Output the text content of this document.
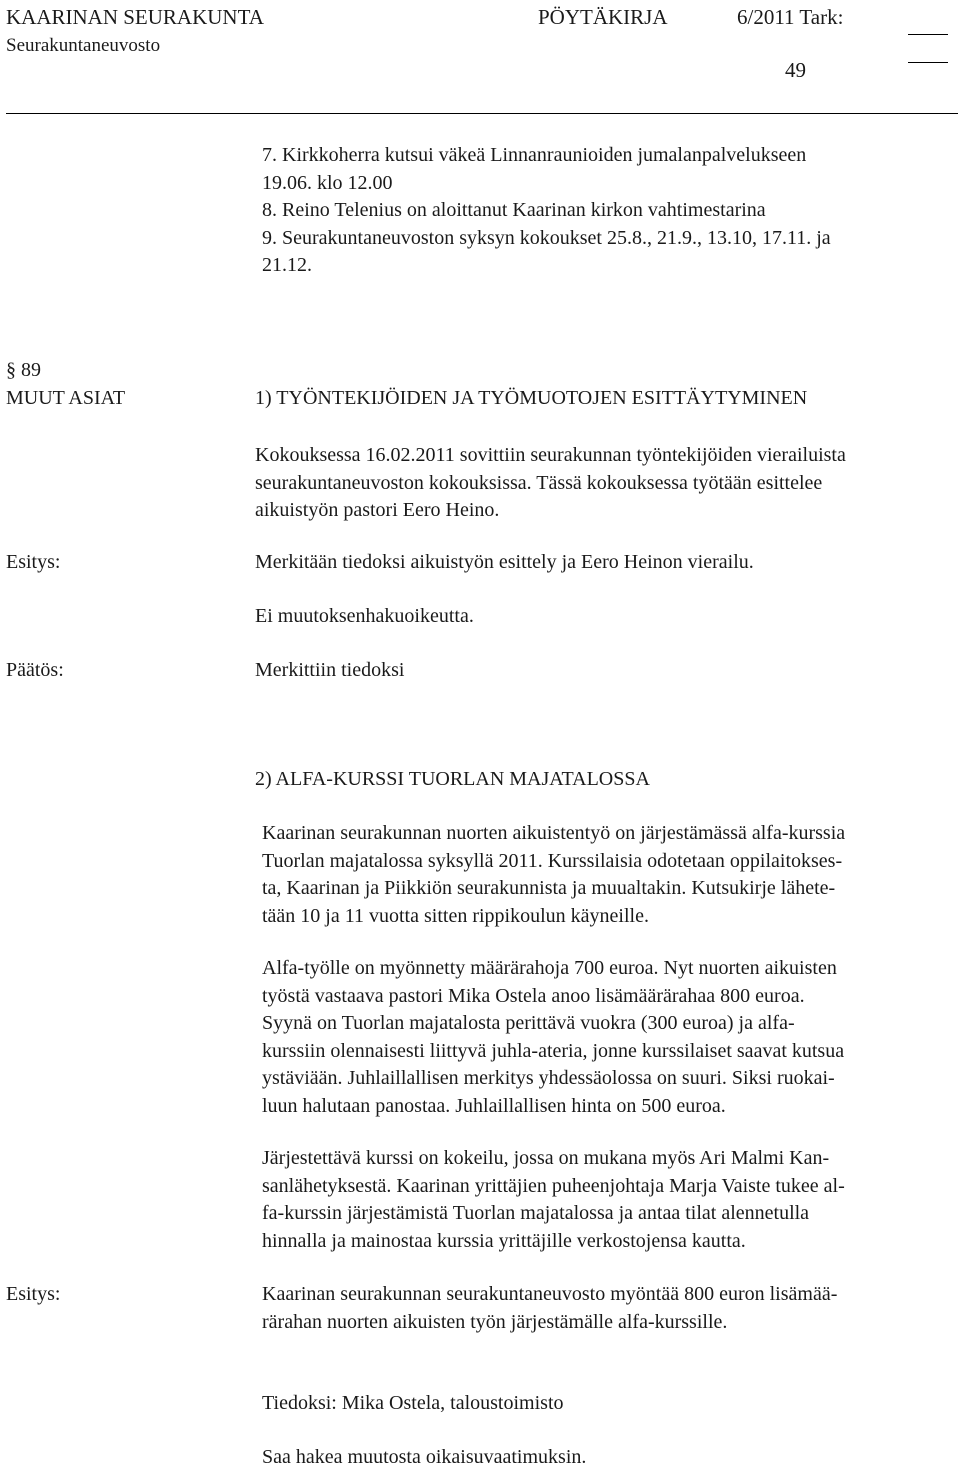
KAARINAN SEURAKUNTA	PÖYTÄKIRJA	6/2011 Tark:
Seurakuntaneuvosto
49
7. Kirkkoherra kutsui väkeä Linnanraunioiden jumalanpalvelukseen
19.06. klo 12.00
8. Reino Telenius on aloittanut Kaarinan kirkon vahtimestarina
9. Seurakuntaneuvoston syksyn kokoukset 25.8., 21.9., 13.10, 17.11. ja
21.12.
§ 89
MUUT ASIAT	1) TYÖNTEKIJÖIDEN JA TYÖMUOTOJEN ESITTÄYTYMINEN
Kokouksessa 16.02.2011 sovittiin seurakunnan työntekijöiden vierailuista
seurakuntaneuvoston kokouksissa. Tässä kokouksessa työtään esittelee
aikuistyön pastori Eero Heino.
Esitys:	Merkitään tiedoksi aikuistyön esittely ja Eero Heinon vierailu.
Ei muutoksenhakuoikeutta.
Päätös:	Merkittiin tiedoksi
2) ALFA-KURSSI TUORLAN MAJATALOSSA
Kaarinan seurakunnan nuorten aikuistentyö on järjestämässä alfa-kurssia
Tuorlan majatalossa syksyllä 2011. Kurssilaisia odotetaan oppilaitokses-
ta, Kaarinan ja Piikkiön seurakunnista ja muualtakin. Kutsukirje lähete-
tään 10 ja 11 vuotta sitten rippikoulun käyneille.
Alfa-työlle on myönnetty määrärahoja 700 euroa. Nyt nuorten aikuisten
työstä vastaava pastori Mika Ostela anoo lisämäärärahaa 800 euroa.
Syynä on Tuorlan majatalosta perittävä vuokra (300 euroa) ja alfa-
kurssiin olennaisesti liittyvä juhla-ateria, jonne kurssilaiset saavat kutsua
ystäviään. Juhlaillallisen merkitys yhdessäolossa on suuri. Siksi ruokai-
luun halutaan panostaa. Juhlaillallisen hinta on 500 euroa.
Järjestettävä kurssi on kokeilu, jossa on mukana myös Ari Malmi Kan-
sanlähetyksestä. Kaarinan yrittäjien puheenjohtaja Marja Vaiste tukee al-
fa-kurssin järjestämistä Tuorlan majatalossa ja antaa tilat alennetulla
hinnalla ja mainostaa kurssia yrittäjille verkostojensa kautta.
Esitys:	Kaarinan seurakunnan seurakuntaneuvosto myöntää 800 euron lisämää-
rärahan nuorten aikuisten työn järjestämälle alfa-kurssille.
Tiedoksi: Mika Ostela, taloustoimisto
Saa hakea muutosta oikaisuvaatimuksin.
